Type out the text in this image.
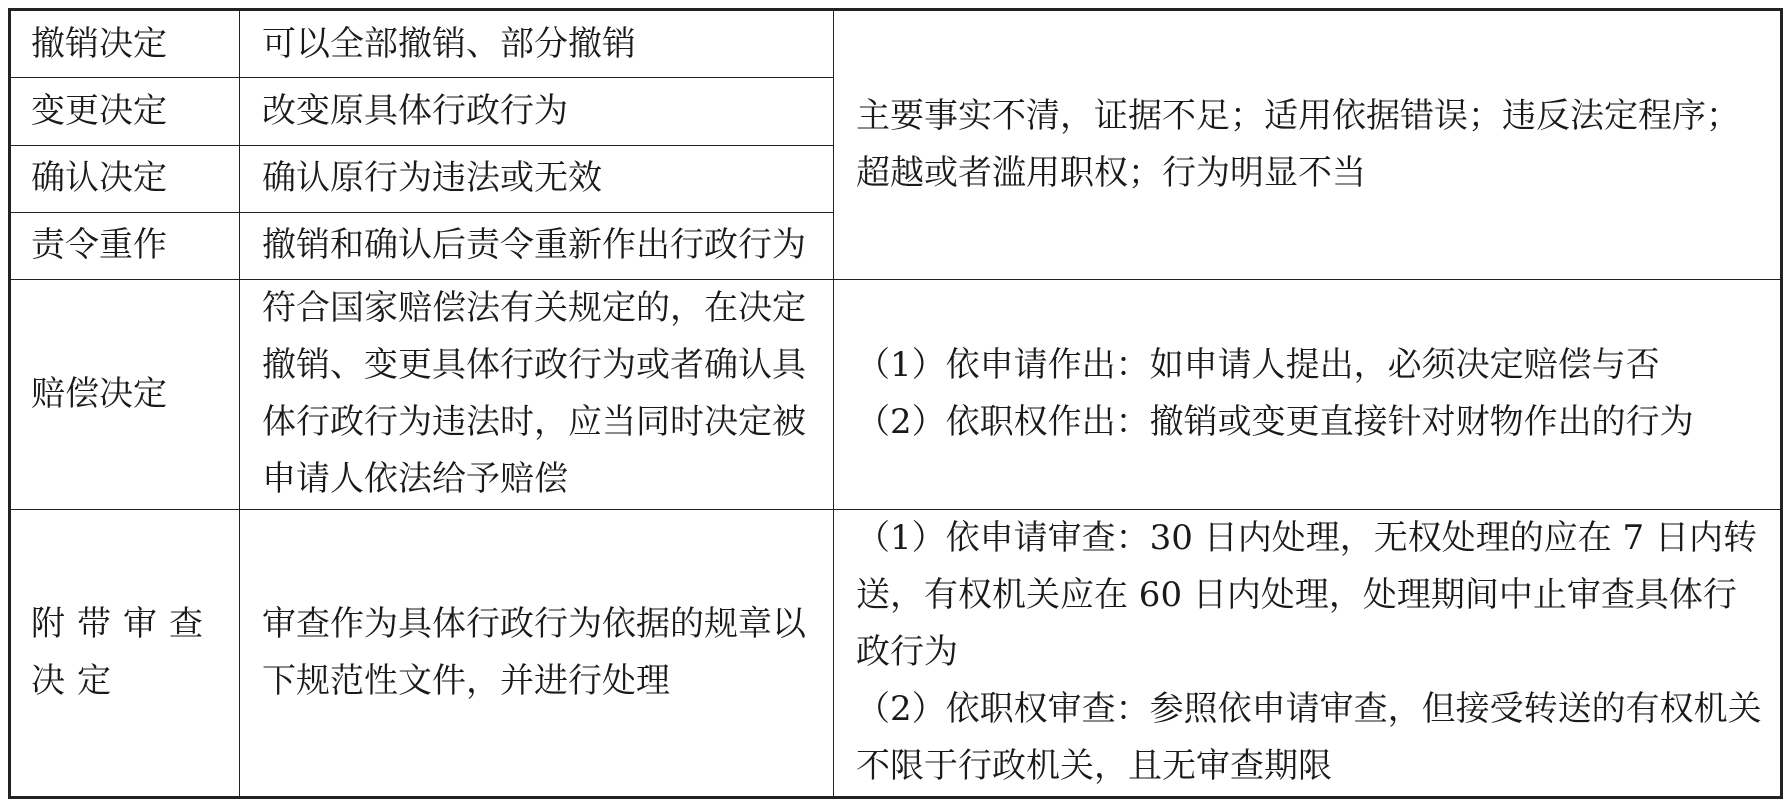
撤销决定	可以全部撤销、部分撤销	主要事实不清，证据不足；适用依据错误；违反法定程序；超越或者滥用职权；行为明显不当
变更决定	改变原具体行政行为	
确认决定	确认原行为违法或无效	
责令重作	撤销和确认后责令重新作出行政行为	
赔偿决定	符合国家赔偿法有关规定的，在决定撤销、变更具体行政行为或者确认具体行政行为违法时，应当同时决定被申请人依法给予赔偿	（1）依申请作出：如申请人提出，必须决定赔偿与否
（2）依职权作出：撤销或变更直接针对财物作出的行为

附带审查决定	审查作为具体行政行为依据的规章以下规范性文件，并进行处理	（1）依申请审查：30 日内处理，无权处理的应在 7 日内转送，有权机关应在 60 日内处理，处理期间中止审查具体行政行为
（2）依职权审查：参照依申请审查，但接受转送的有权机关不限于行政机关，且无审查期限
